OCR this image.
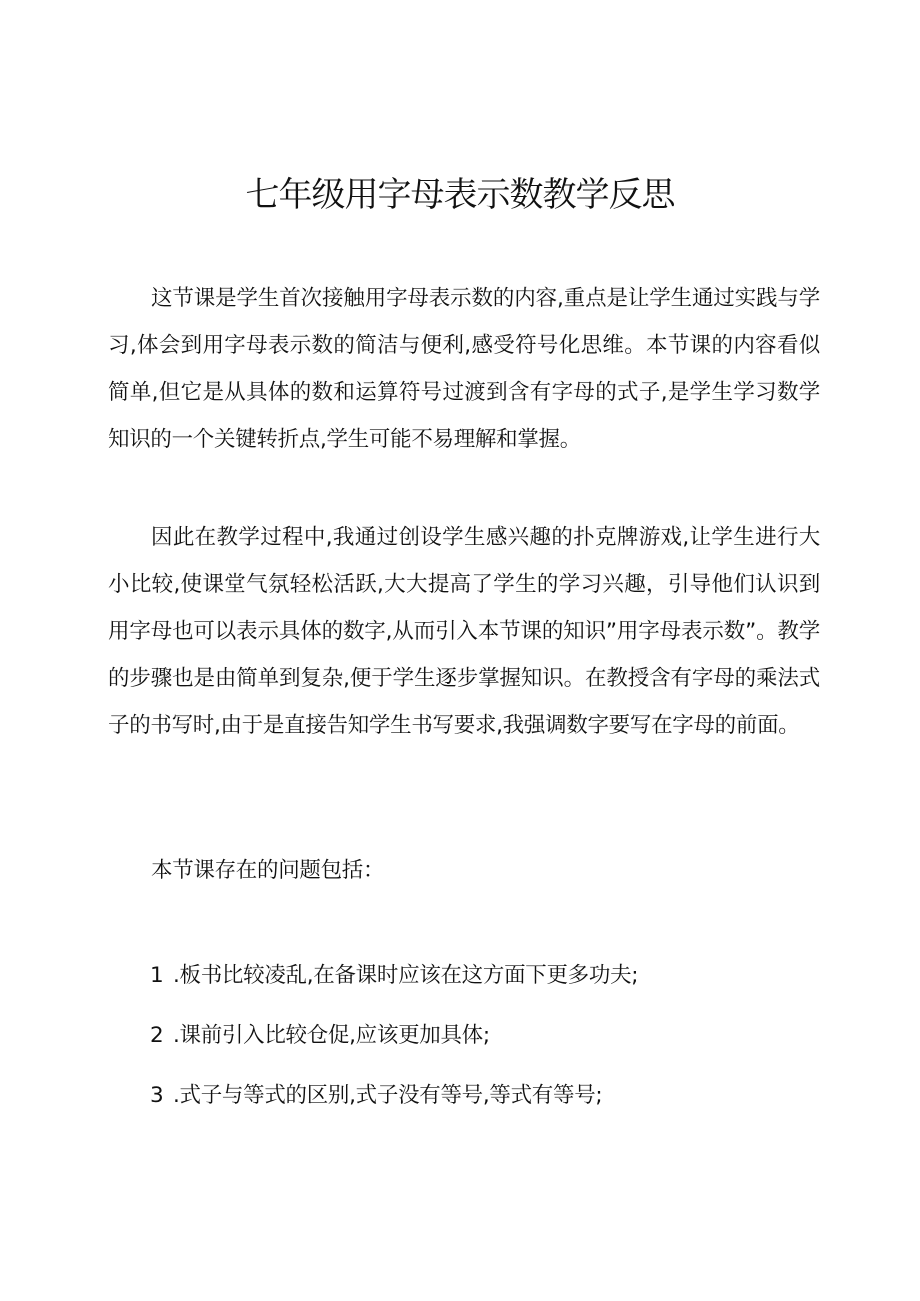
七年级用字母表示数教学反思

这节课是学生首次接触用字母表示数的内容,重点是让学生通过实践与学习,体会到用字母表示数的简洁与便利,感受符号化思维。本节课的内容看似简单,但它是从具体的数和运算符号过渡到含有字母的式子,是学生学习数学知识的一个关键转折点,学生可能不易理解和掌握。

因此在教学过程中,我通过创设学生感兴趣的扑克牌游戏,让学生进行大小比较,使课堂气氛轻松活跃,大大提高了学生的学习兴趣，引导他们认识到用字母也可以表示具体的数字,从而引入本节课的知识”用字母表示数”。教学的步骤也是由简单到复杂,便于学生逐步掌握知识。在教授含有字母的乘法式子的书写时,由于是直接告知学生书写要求,我强调数字要写在字母的前面。

本节课存在的问题包括：

1 .板书比较凌乱,在备课时应该在这方面下更多功夫;
2 .课前引入比较仓促,应该更加具体;
3 .式子与等式的区别,式子没有等号,等式有等号;
